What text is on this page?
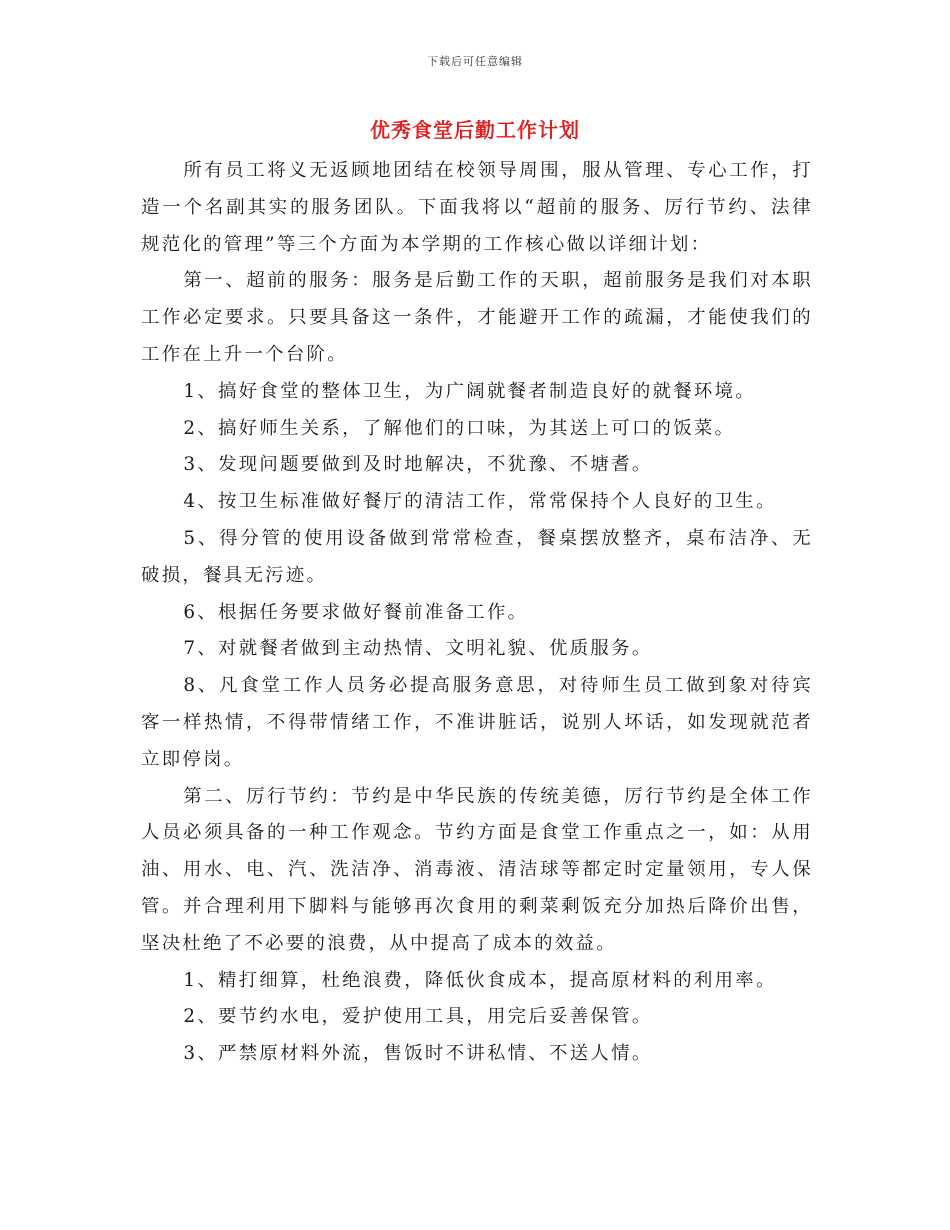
下载后可任意编辑
优秀食堂后勤工作计划

所有员工将义无返顾地团结在校领导周围，服从管理、专心工作，打造一个名副其实的服务团队。下面我将以“超前的服务、厉行节约、法律规范化的管理”等三个方面为本学期的工作核心做以详细计划：

第一、超前的服务：服务是后勤工作的天职，超前服务是我们对本职工作必定要求。只要具备这一条件，才能避开工作的疏漏，才能使我们的工作在上升一个台阶。

1、搞好食堂的整体卫生，为广阔就餐者制造良好的就餐环境。

2、搞好师生关系，了解他们的口味，为其送上可口的饭菜。

3、发现问题要做到及时地解决，不犹豫、不塘耆。

4、按卫生标准做好餐厅的清洁工作，常常保持个人良好的卫生。

5、得分管的使用设备做到常常检查，餐桌摆放整齐，桌布洁净、无破损，餐具无污迹。

6、根据任务要求做好餐前准备工作。

7、对就餐者做到主动热情、文明礼貌、优质服务。

8、凡食堂工作人员务必提高服务意思，对待师生员工做到象对待宾客一样热情，不得带情绪工作，不准讲脏话，说别人坏话，如发现就范者立即停岗。

第二、厉行节约：节约是中华民族的传统美德，厉行节约是全体工作人员必须具备的一种工作观念。节约方面是食堂工作重点之一，如：从用油、用水、电、汽、洗洁净、消毒液、清洁球等都定时定量领用，专人保管。并合理利用下脚料与能够再次食用的剩菜剩饭充分加热后降价出售，坚决杜绝了不必要的浪费，从中提高了成本的效益。

1、精打细算，杜绝浪费，降低伙食成本，提高原材料的利用率。

2、要节约水电，爱护使用工具，用完后妥善保管。

3、严禁原材料外流，售饭时不讲私情、不送人情。
